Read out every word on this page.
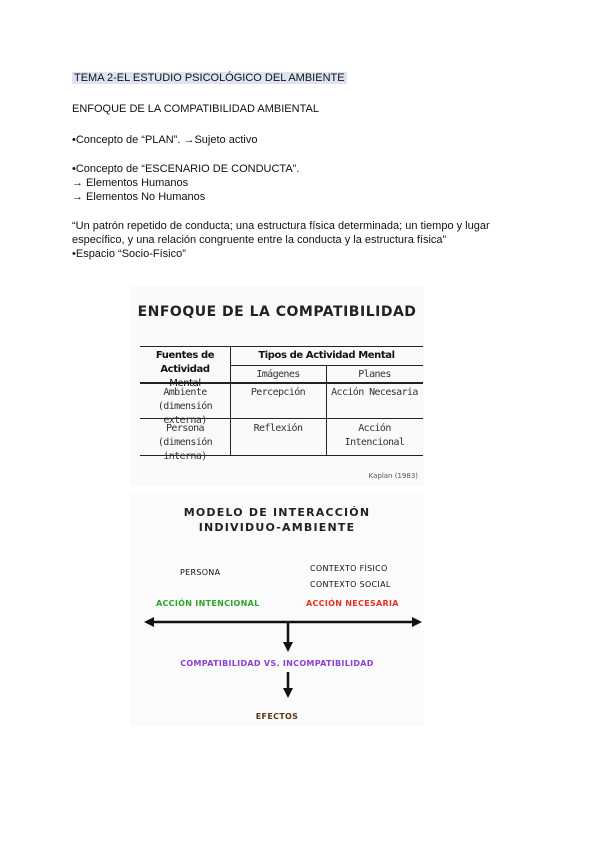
TEMA 2-EL ESTUDIO PSICOLÓGICO DEL AMBIENTE
ENFOQUE DE LA COMPATIBILIDAD AMBIENTAL
•Concepto de “PLAN”. →Sujeto activo
•Concepto de “ESCENARIO DE CONDUCTA”.
→ Elementos Humanos
→ Elementos No Humanos
“Un patrón repetido de conducta; una estructura física determinada; un tiempo y lugar
específico, y una relación congruente entre la conducta y la estructura física”
•Espacio “Socio-Físico”
ENFOQUE DE LA COMPATIBILIDAD
Fuentes de Actividad
Mental
Tipos de Actividad Mental
Imágenes	Planes
Ambiente
(dimensión externa)
Percepción	Acción Necesaria
Persona
(dimensión interna)
Reflexión	Acción Intencional
Kaplan (1983)
MODELO DE INTERACCIÓN
INDIVIDUO-AMBIENTE
PERSONA	CONTEXTO FÍSICO
CONTEXTO SOCIAL
ACCIÓN INTENCIONAL	ACCIÓN NECESARIA
COMPATIBILIDAD VS. INCOMPATIBILIDAD
EFECTOS
